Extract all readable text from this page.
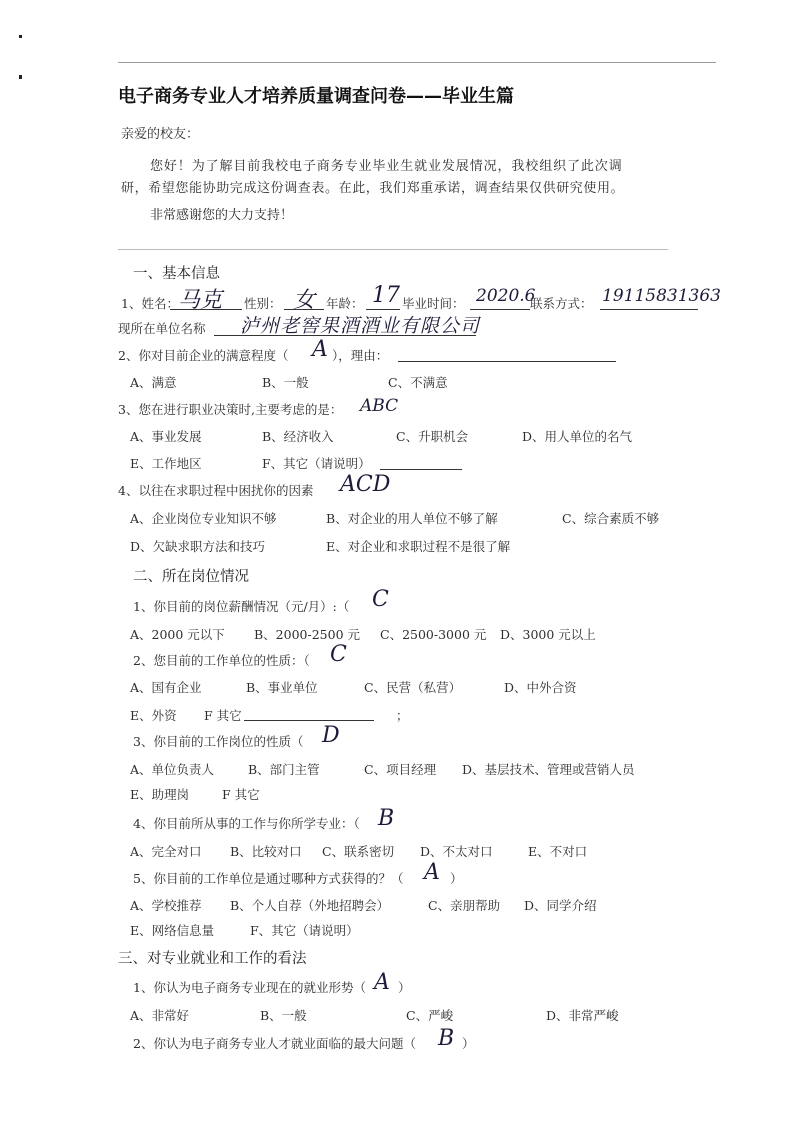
电子商务专业人才培养质量调查问卷——毕业生篇
亲爱的校友：
您好！为了解目前我校电子商务专业毕业生就业发展情况，我校组织了此次调
研，希望您能协助完成这份调查表。在此，我们郑重承诺，调查结果仅供研究使用。
非常感谢您的大力支持！
一、基本信息
1、姓名： 马克 性别： 女 年龄： 17 毕业时间： 2020.6
联系方式： 19115831363
现所在单位名称 泸州老窖果酒酒业有限公司
2、你对目前企业的满意程度（ A ），理由：
A、满意	B、一般	C、不满意
3、您在进行职业决策时,主要考虑的是： ABC
A、事业发展	B、经济收入	C、升职机会	D、用人单位的名气
E、工作地区	F、其它（请说明）
4、以往在求职过程中困扰你的因素 ACD
A、企业岗位专业知识不够	B、对企业的用人单位不够了解	C、综合素质不够
D、欠缺求职方法和技巧	E、对企业和求职过程不是很了解
二、所在岗位情况
1、你目前的岗位薪酬情况（元/月）:（ C
A、2000 元以下 B、2000-2500 元 C、2500-3000 元 D、3000 元以上
2、您目前的工作单位的性质：（ C
A、国有企业	B、事业单位	C、民营（私营）	D、中外合资
E、外资 F 其它	；
3、你目前的工作岗位的性质（ D
A、单位负责人	B、部门主管	C、项目经理 D、基层技术、管理或营销人员
E、助理岗	F 其它
4、你目前所从事的工作与你所学专业：（ B
A、完全对口 B、比较对口 C、联系密切 D、不太对口	E、不对口
5、你目前的工作单位是通过哪种方式获得的？（ A ）
A、学校推荐 B、个人自荐（外地招聘会）	C、亲朋帮助 D、同学介绍
E、网络信息量	F、其它（请说明）
三、对专业就业和工作的看法
1、你认为电子商务专业现在的就业形势（ A ）
A、非常好	B、一般	C、严峻	D、非常严峻
2、你认为电子商务专业人才就业面临的最大问题（ B ）
